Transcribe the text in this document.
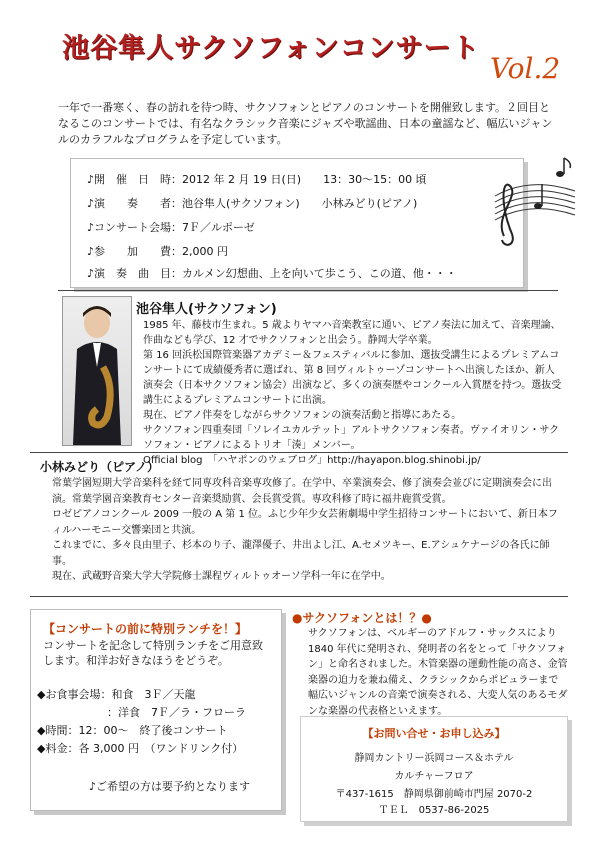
池谷隼人サクソフォンコンサート
Vol.2
一年で一番寒く、春の訪れを待つ時、サクソフォンとピアノのコンサートを開催致します。２回目となるこのコンサートでは、有名なクラシック音楽にジャズや歌謡曲、日本の童謡など、幅広いジャンルのカラフルなプログラムを予定しています。
♪開　催　日　時：2012 年 2 月 19 日(日)　　13：30～15：00 頃
♪演　　奏　　者：池谷隼人(サクソフォン)　　小林みどり(ピアノ)
♪コンサート会場：7Ｆ／ルポーゼ
♪参　　加　　費：2,000 円
♪演　奏　曲　目：カルメン幻想曲、上を向いて歩こう、この道、他・・・
池谷隼人(サクソフォン)
1985 年、藤枝市生まれ。5 歳よりヤマハ音楽教室に通い、ピアノ奏法に加えて、音楽理論、作曲なども学び、12 才でサクソフォンと出会う。静岡大学卒業。
第 16 回浜松国際管楽器アカデミー＆フェスティバルに参加、選抜受講生によるプレミアムコンサートにて成績優秀者に選ばれ、第 8 回ヴィルトゥーゾコンサートへ出演したほか、新人演奏会（日本サクソフォン協会）出演など、多くの演奏歴やコンクール入賞歴を持つ。選抜受講生によるプレミアムコンサートに出演。
現在、ピアノ伴奏をしながらサクソフォンの演奏活動と指導にあたる。
サクソフォン四重奏団「ソレイユカルテット」アルトサクソフォン奏者。ヴァイオリン・サクソフォン・ピアノによるトリオ「湊」メンバー。
Official blog　「ハヤポンのウェブログ」http://hayapon.blog.shinobi.jp/
小林みどり（ピアノ）
常葉学園短期大学音楽科を経て同専攻科音楽専攻修了。在学中、卒業演奏会、修了演奏会並びに定期演奏会に出演。常葉学園音楽教育センター音楽奨励賞、会長賞受賞。専攻科修了時に福井鹿賞受賞。
ロゼピアノコンクール 2009 一般の A 第 1 位。ふじ少年少女芸術劇場中学生招待コンサートにおいて、新日本フィルハーモニー交響楽団と共演。
これまでに、多々良由里子、杉本のり子、瀧澤優子、井出よし江、A.セメツキー、E.アシュケナージの各氏に師事。
現在、武蔵野音楽大学大学院修士課程ヴィルトゥオーソ学科一年に在学中。
【コンサートの前に特別ランチを！】
コンサートを記念して特別ランチをご用意致します。和洋お好きなほうをどうぞ。
◆お食事会場：和食　3Ｆ／天龍
：洋食　7Ｆ／ラ・フローラ
◆時間：12：00～　終了後コンサート
◆料金：各 3,000 円　（ワンドリンク付）
♪ご希望の方は要予約となります
●サクソフォンとは！？●
サクソフォンは、ベルギーのアドルフ・サックスにより 1840 年代に発明され、発明者の名をとって「サクソフォン」と命名されました。木管楽器の運動性能の高さ、金管楽器の迫力を兼ね備え、クラシックからポピュラーまで幅広いジャンルの音楽で演奏される、大変人気のあるモダンな楽器の代表格といえます。
【お問い合せ・お申し込み】
静岡カントリー浜岡コース＆ホテル
カルチャーフロア
〒437-1615　静岡県御前崎市門屋 2070-2
ＴＥＬ　0537-86-2025
